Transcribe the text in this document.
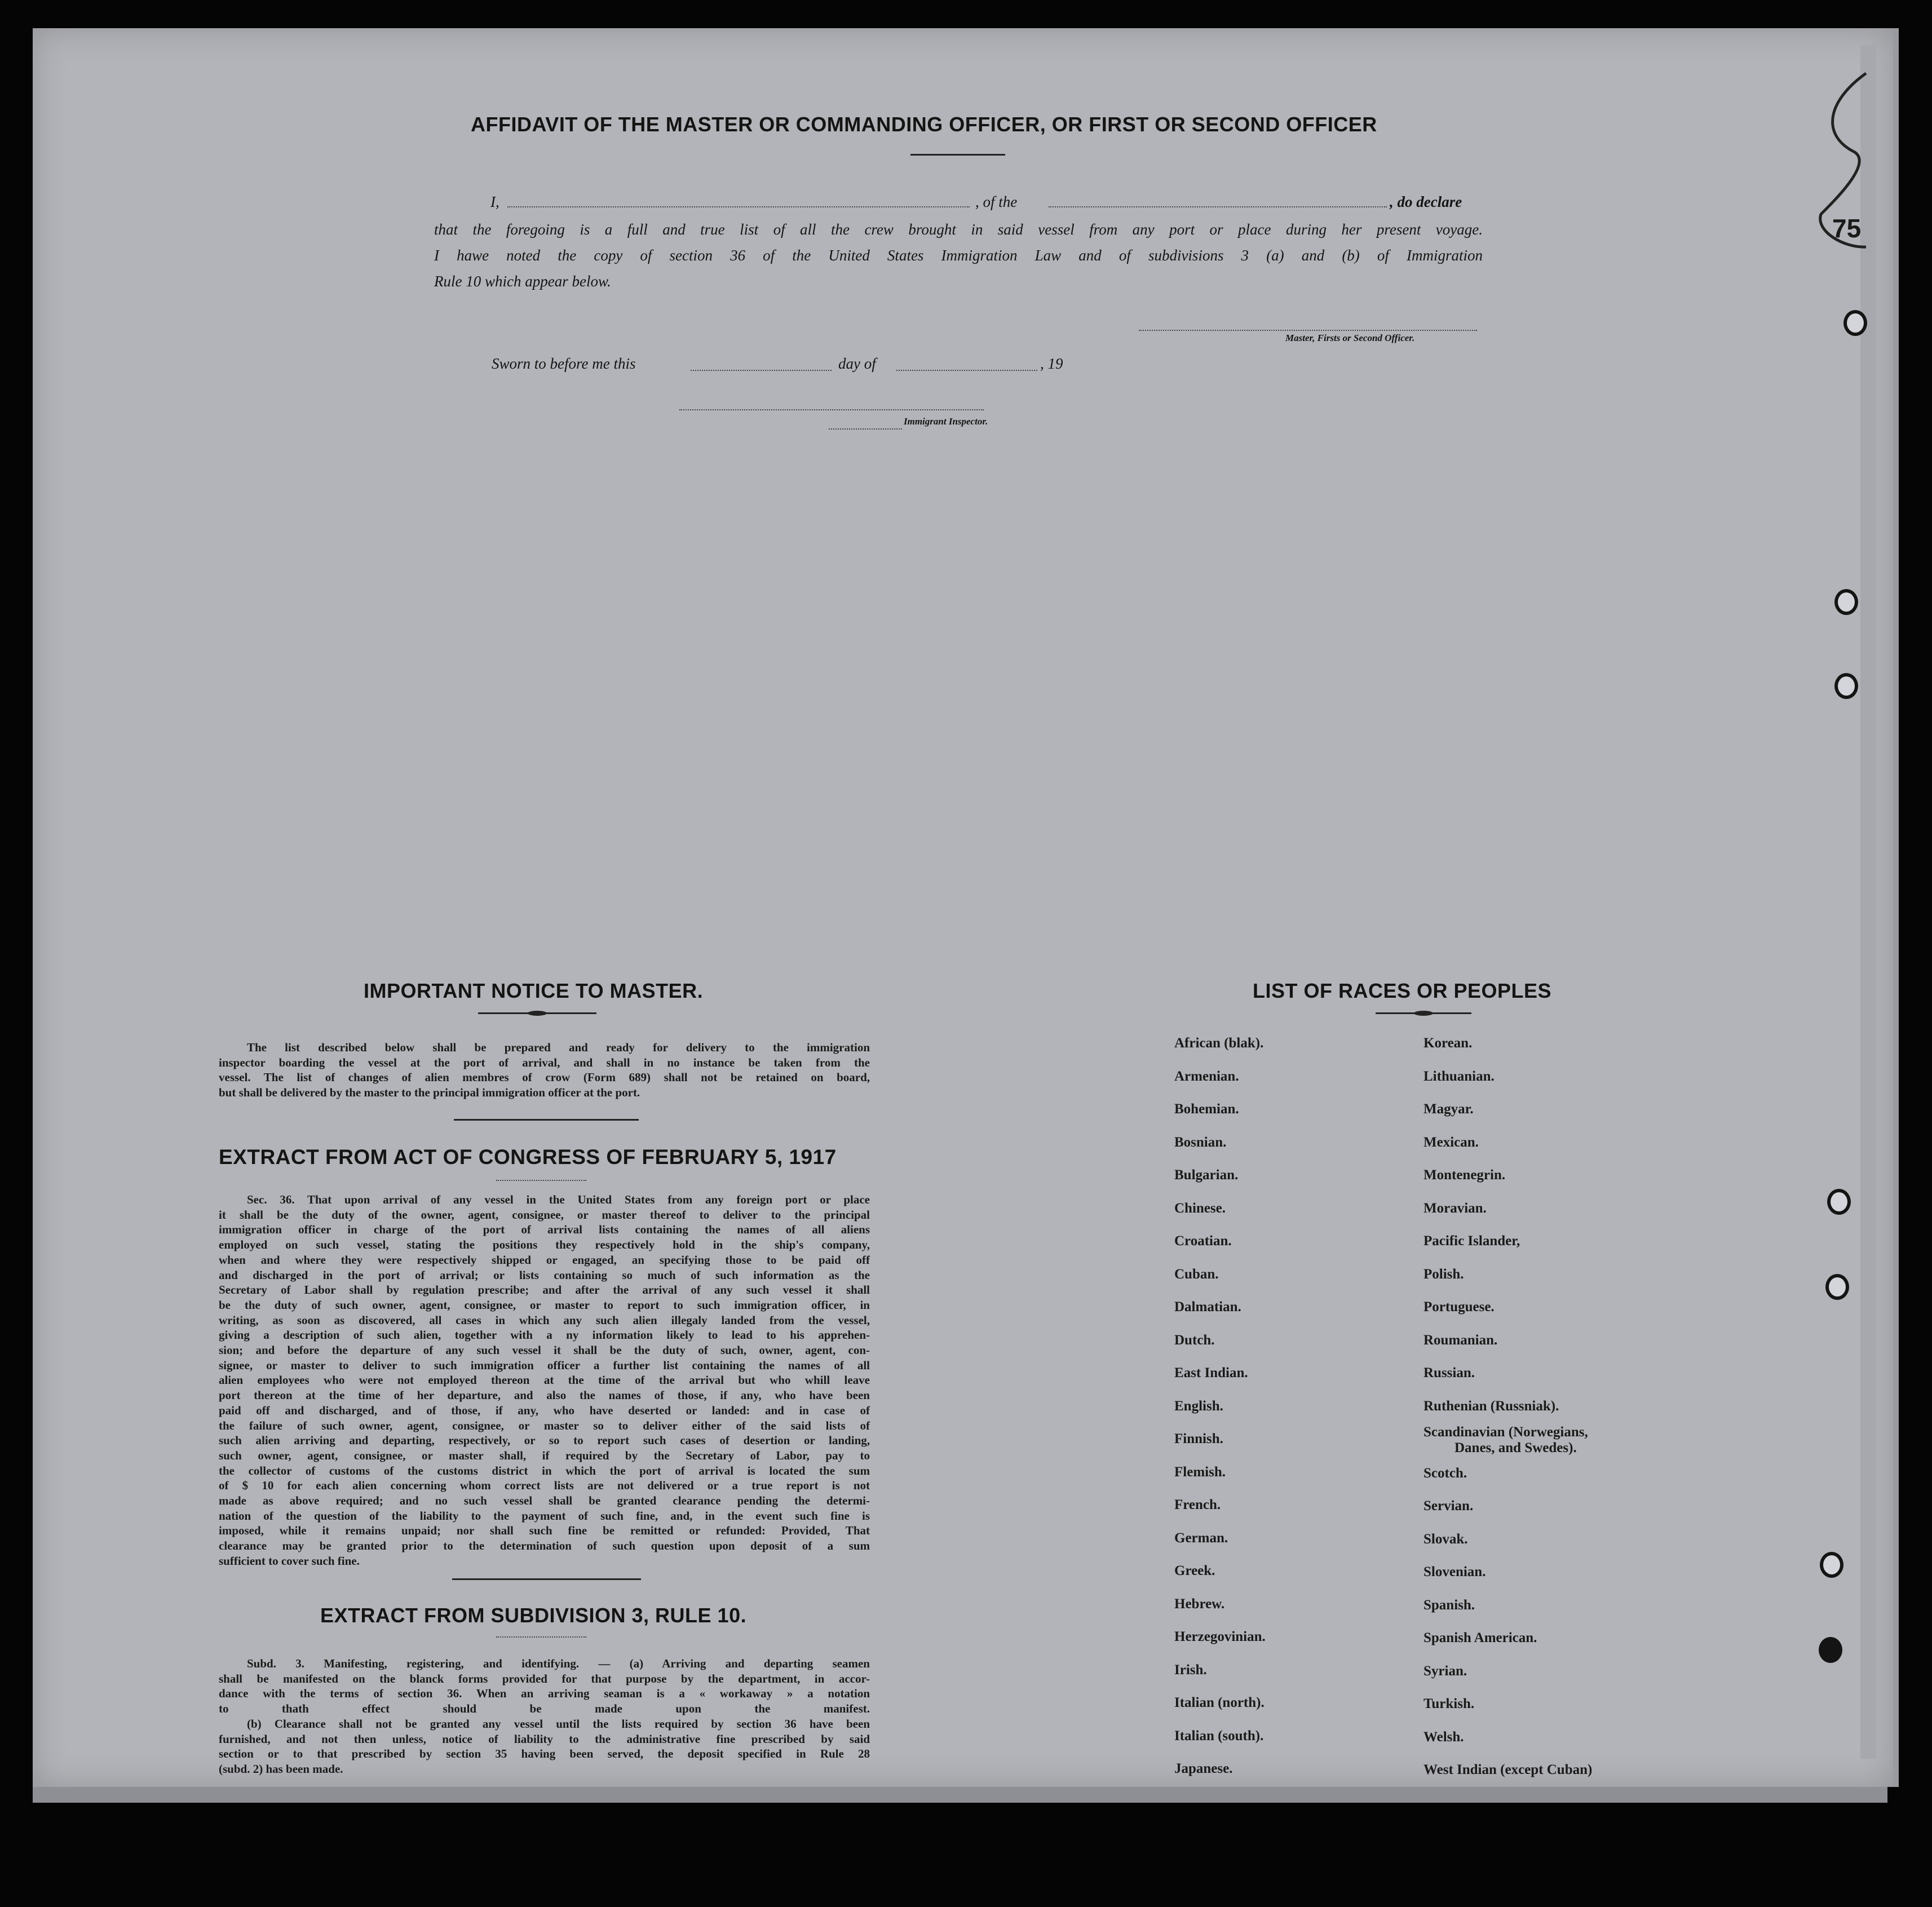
75
AFFIDAVIT OF THE MASTER OR COMMANDING OFFICER, OR FIRST OR SECOND OFFICER
I,	, of the	, do declare
that the foregoing is a full and true list of all the crew brought in said vessel from any port or place during her present voyage.
I hawe noted the copy of section 36 of the United States Immigration Law and of subdivisions 3 (a) and (b) of Immigration
Rule 10 which appear below.
Master, Firsts or Second Officer.
Sworn to before me this	day of	, 19
Immigrant Inspector.
IMPORTANT NOTICE TO MASTER.
The list described below shall be prepared and ready for delivery to the immigration
inspector boarding the vessel at the port of arrival, and shall in no instance be taken from the
vessel. The list of changes of alien membres of crow (Form 689) shall not be retained on board,
but shall be delivered by the master to the principal immigration officer at the port.
EXTRACT FROM ACT OF CONGRESS OF FEBRUARY 5, 1917
Sec. 36. That upon arrival of any vessel in the United States from any foreign port or place
it shall be the duty of the owner, agent, consignee, or master thereof to deliver to the principal
immigration officer in charge of the port of arrival lists containing the names of all aliens
employed on such vessel, stating the positions they respectively hold in the ship's company,
when and where they were respectively shipped or engaged, an specifying those to be paid off
and discharged in the port of arrival; or lists containing so much of such information as the
Secretary of Labor shall by regulation prescribe; and after the arrival of any such vessel it shall
be the duty of such owner, agent, consignee, or master to report to such immigration officer, in
writing, as soon as discovered, all cases in which any such alien illegaly landed from the vessel,
giving a description of such alien, together with a ny information likely to lead to his apprehen-
sion; and before the departure of any such vessel it shall be the duty of such, owner, agent, con-
signee, or master to deliver to such immigration officer a further list containing the names of all
alien employees who were not employed thereon at the time of the arrival but who whill leave
port thereon at the time of her departure, and also the names of those, if any, who have been
paid off and discharged, and of those, if any, who have deserted or landed: and in case of
the failure of such owner, agent, consignee, or master so to deliver either of the said lists of
such alien arriving and departing, respectively, or so to report such cases of desertion or landing,
such owner, agent, consignee, or master shall, if required by the Secretary of Labor, pay to
the collector of customs of the customs district in which the port of arrival is located the sum
of $ 10 for each alien concerning whom correct lists are not delivered or a true report is not
made as above required; and no such vessel shall be granted clearance pending the determi-
nation of the question of the liability to the payment of such fine, and, in the event such fine is
imposed, while it remains unpaid; nor shall such fine be remitted or refunded: Provided, That
clearance may be granted prior to the determination of such question upon deposit of a sum
sufficient to cover such fine.
EXTRACT FROM SUBDIVISION 3, RULE 10.
Subd. 3. Manifesting, registering, and identifying. — (a) Arriving and departing seamen
shall be manifested on the blanck forms provided for that purpose by the department, in accor-
dance with the terms of section 36. When an arriving seaman is a « workaway » a notation
to thath effect should be made upon the manifest.
(b) Clearance shall not be granted any vessel until the lists required by section 36 have been
furnished, and not then unless, notice of liability to the administrative fine prescribed by said
section or to that prescribed by section 35 having been served, the deposit specified in Rule 28
(subd. 2) has been made.
LIST OF RACES OR PEOPLES
African (blak).
Armenian.
Bohemian.
Bosnian.
Bulgarian.
Chinese.
Croatian.
Cuban.
Dalmatian.
Dutch.
East Indian.
English.
Finnish.
Flemish.
French.
German.
Greek.
Hebrew.
Herzegovinian.
Irish.
Italian (north).
Italian (south).
Japanese.
Korean.
Lithuanian.
Magyar.
Mexican.
Montenegrin.
Moravian.
Pacific Islander,
Polish.
Portuguese.
Roumanian.
Russian.
Ruthenian (Russniak).
Scandinavian (Norwegians,
Danes, and Swedes).
Scotch.
Servian.
Slovak.
Slovenian.
Spanish.
Spanish American.
Syrian.
Turkish.
Welsh.
West Indian (except Cuban)
